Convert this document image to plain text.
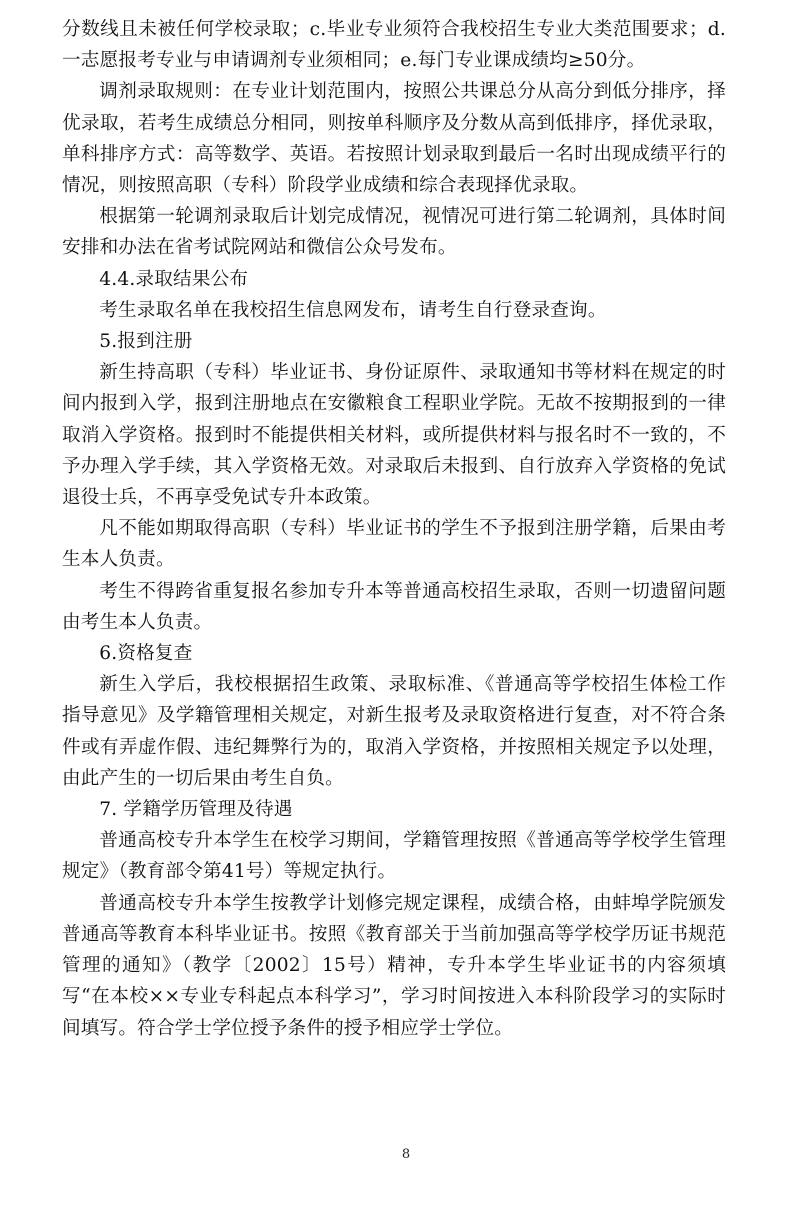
分数线且未被任何学校录取；c.毕业专业须符合我校招生专业大类范围要求；d.一志愿报考专业与申请调剂专业须相同；e.每门专业课成绩均≥50分。

调剂录取规则：在专业计划范围内，按照公共课总分从高分到低分排序，择优录取，若考生成绩总分相同，则按单科顺序及分数从高到低排序，择优录取，单科排序方式：高等数学、英语。若按照计划录取到最后一名时出现成绩平行的情况，则按照高职（专科）阶段学业成绩和综合表现择优录取。

根据第一轮调剂录取后计划完成情况，视情况可进行第二轮调剂，具体时间安排和办法在省考试院网站和微信公众号发布。

4.4.录取结果公布

考生录取名单在我校招生信息网发布，请考生自行登录查询。

5.报到注册

新生持高职（专科）毕业证书、身份证原件、录取通知书等材料在规定的时间内报到入学，报到注册地点在安徽粮食工程职业学院。无故不按期报到的一律取消入学资格。报到时不能提供相关材料，或所提供材料与报名时不一致的，不予办理入学手续，其入学资格无效。对录取后未报到、自行放弃入学资格的免试退役士兵，不再享受免试专升本政策。

凡不能如期取得高职（专科）毕业证书的学生不予报到注册学籍，后果由考生本人负责。

考生不得跨省重复报名参加专升本等普通高校招生录取，否则一切遗留问题由考生本人负责。

6.资格复查

新生入学后，我校根据招生政策、录取标准、《普通高等学校招生体检工作指导意见》及学籍管理相关规定，对新生报考及录取资格进行复查，对不符合条件或有弄虚作假、违纪舞弊行为的，取消入学资格，并按照相关规定予以处理，由此产生的一切后果由考生自负。

7. 学籍学历管理及待遇

普通高校专升本学生在校学习期间，学籍管理按照《普通高等学校学生管理规定》（教育部令第41号）等规定执行。

普通高校专升本学生按教学计划修完规定课程，成绩合格，由蚌埠学院颁发普通高等教育本科毕业证书。按照《教育部关于当前加强高等学校学历证书规范管理的通知》（教学〔2002〕15号）精神，专升本学生毕业证书的内容须填写“在本校××专业专科起点本科学习”，学习时间按进入本科阶段学习的实际时间填写。符合学士学位授予条件的授予相应学士学位。

8
